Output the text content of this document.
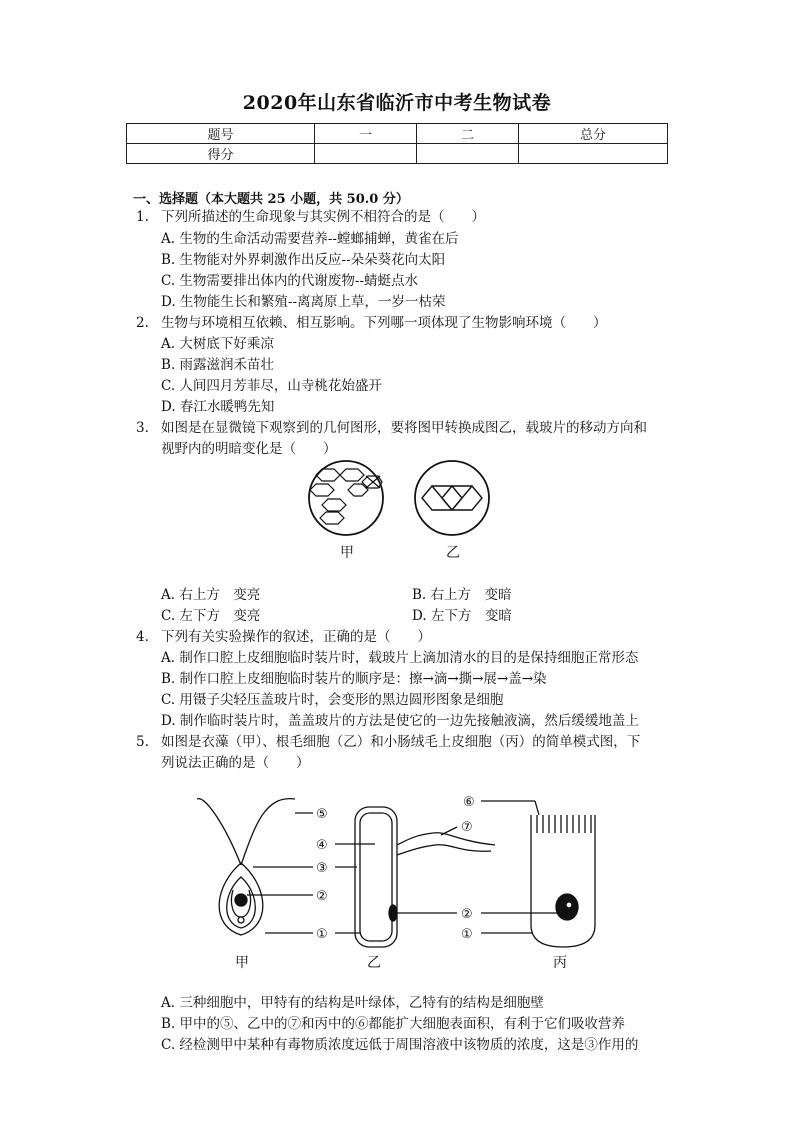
2020年山东省临沂市中考生物试卷
题号	一	二	总分
得分			
一、选择题（本大题共 25 小题，共 50.0 分）
1. 下列所描述的生命现象与其实例不相符合的是（　　）
A. 生物的生命活动需要营养--螳螂捕蝉，黄雀在后
B. 生物能对外界刺激作出反应--朵朵葵花向太阳
C. 生物需要排出体内的代谢废物--蜻蜓点水
D. 生物能生长和繁殖--离离原上草，一岁一枯荣
2. 生物与环境相互依赖、相互影响。下列哪一项体现了生物影响环境（　　）
A. 大树底下好乘凉
B. 雨露滋润禾苗壮
C. 人间四月芳菲尽，山寺桃花始盛开
D. 春江水暖鸭先知
3. 如图是在显微镜下观察到的几何图形，要将图甲转换成图乙，载玻片的移动方向和
视野内的明暗变化是（　　）
甲	乙
A. 右上方　变亮	B. 右上方　变暗
C. 左下方　变亮	D. 左下方　变暗
4. 下列有关实验操作的叙述，正确的是（　　）
A. 制作口腔上皮细胞临时装片时，载玻片上滴加清水的目的是保持细胞正常形态
B. 制作口腔上皮细胞临时装片的顺序是：擦→滴→撕→展→盖→染
C. 用镊子尖轻压盖玻片时，会变形的黑边圆形图象是细胞
D. 制作临时装片时，盖盖玻片的方法是使它的一边先接触液滴，然后缓缓地盖上
5. 如图是衣藻（甲）、根毛细胞（乙）和小肠绒毛上皮细胞（丙）的简单模式图，下
列说法正确的是（　　）
⑤
④
③
②
①
甲
⑦
②
①
乙
⑥
丙
A. 三种细胞中，甲特有的结构是叶绿体，乙特有的结构是细胞壁
B. 甲中的⑤、乙中的⑦和丙中的⑥都能扩大细胞表面积，有利于它们吸收营养
C. 经检测甲中某种有毒物质浓度远低于周围溶液中该物质的浓度，这是③作用的
